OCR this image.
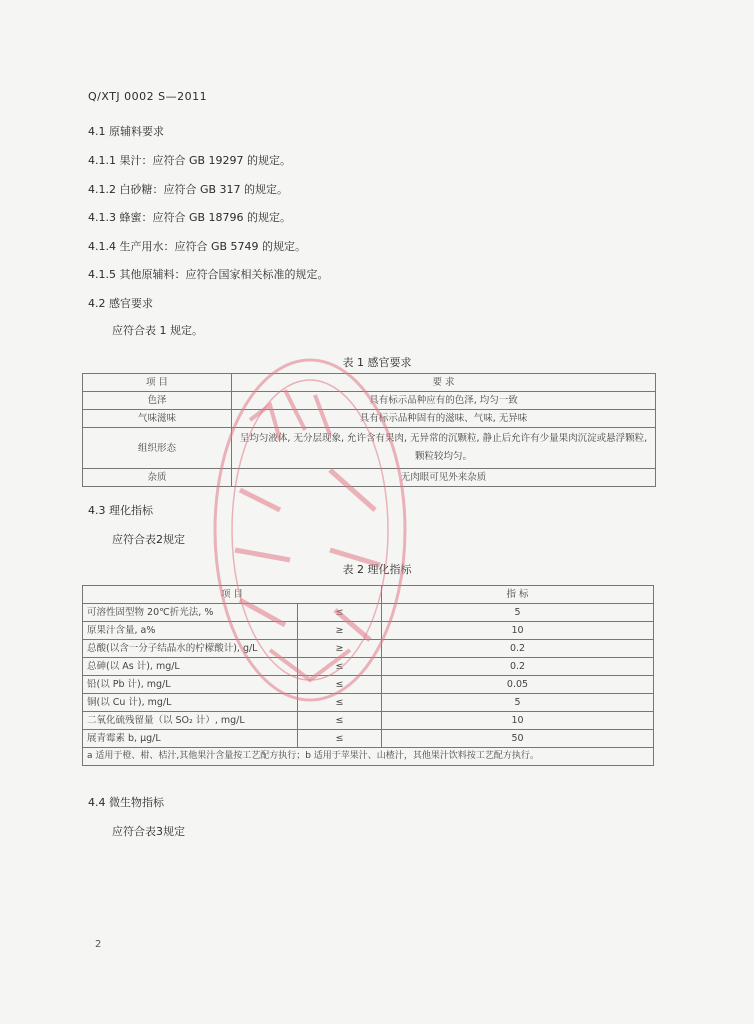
Q/XTJ 0002 S—2011
4.1 原辅料要求
4.1.1 果汁：应符合 GB 19297 的规定。
4.1.2 白砂糖：应符合 GB 317 的规定。
4.1.3 蜂蜜：应符合 GB 18796 的规定。
4.1.4 生产用水：应符合 GB 5749 的规定。
4.1.5 其他原辅料：应符合国家相关标准的规定。
4.2 感官要求
应符合表 1 规定。
表 1 感官要求
项 目	要 求
色泽	具有标示品种应有的色泽, 均匀一致
气味滋味	具有标示品种固有的滋味、气味, 无异味
组织形态	呈均匀液体, 无分层现象, 允许含有果肉, 无异常的沉颗粒, 静止后允许有少量果肉沉淀或悬浮颗粒, 颗粒较均匀。
杂质	无肉眼可见外来杂质
4.3 理化指标
应符合表2规定
表 2 理化指标
项 目		指 标
可溶性固型物 20℃折光法, %	≤	5
原果汁含量, a%	≥	10
总酸(以含一分子结晶水的柠檬酸计), g/L	≥	0.2
总砷(以 As 计), mg/L	≤	0.2
铅(以 Pb 计), mg/L	≤	0.05
铜(以 Cu 计), mg/L	≤	5
二氧化硫残留量（以 SO₂ 计）, mg/L	≤	10
展青霉素 b, μg/L	≤	50
a 适用于橙、柑、桔汁,其他果汁含量按工艺配方执行；b 适用于苹果汁、山楂汁，其他果汁饮料按工艺配方执行。		
4.4 微生物指标
应符合表3规定
2
